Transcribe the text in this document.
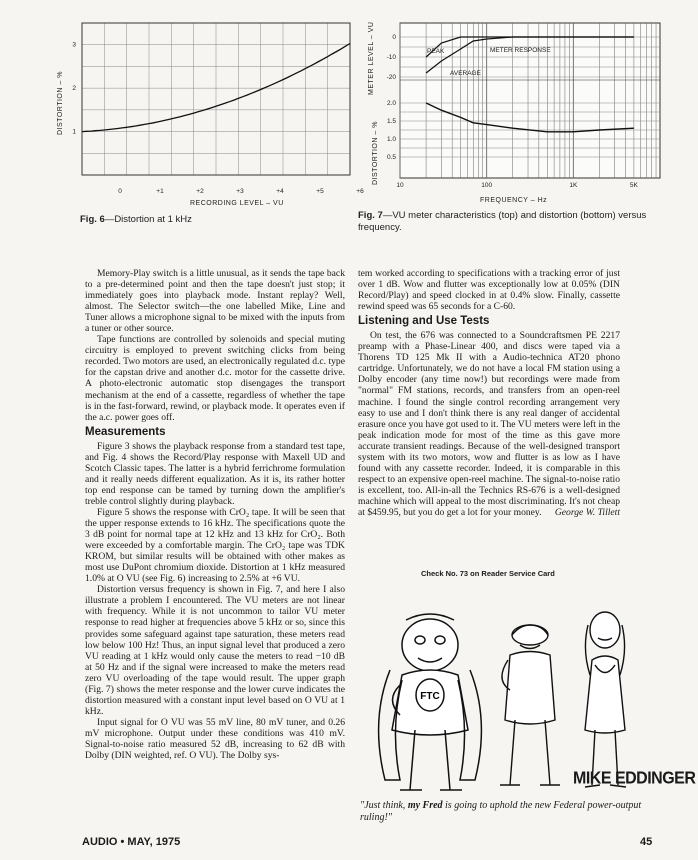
DISTORTION – %
3
2
1
0	+1	+2	+3	+4	+5	+6
RECORDING LEVEL – VU
Fig. 6—Distortion at 1 kHz
PEAK	METER RESPONSE
AVERAGE
METER LEVEL – VU
DISTORTION – %
0
-10
-20
2.0
1.5
1.0
0.5
10	100	1K	5K
FREQUENCY – Hz
Fig. 7—VU meter characteristics (top) and distortion (bottom) versus frequency.

Memory-Play switch is a little unusual, as it sends the tape back to a pre-determined point and then the tape doesn't just stop; it immediately goes into playback mode. Instant replay? Well, almost. The Selector switch—the one labelled Mike, Line and Tuner allows a microphone signal to be mixed with the inputs from a tuner or other source.

Tape functions are controlled by solenoids and special muting circuitry is employed to prevent switching clicks from being recorded. Two motors are used, an electronically regulated d.c. type for the capstan drive and another d.c. motor for the cassette drive. A photo-electronic automatic stop disengages the transport mechanism at the end of a cassette, regardless of whether the tape is in the fast-forward, rewind, or playback mode. It operates even if the a.c. power goes off.

Measurements

Figure 3 shows the playback response from a standard test tape, and Fig. 4 shows the Record/Play response with Maxell UD and Scotch Classic tapes. The latter is a hybrid ferrichrome formulation and it really needs different equalization. As it is, its rather hotter top end response can be tamed by turning down the amplifier's treble control slightly during playback.

Figure 5 shows the response with CrO₂ tape. It will be seen that the upper response extends to 16 kHz. The specifications quote the 3 dB point for normal tape at 12 kHz and 13 kHz for CrO₂. Both were exceeded by a comfortable margin. The CrO₂ tape was TDK KROM, but similar results will be obtained with other makes as most use DuPont chromium dioxide. Distortion at 1 kHz measured 1.0% at O VU (see Fig. 6) increasing to 2.5% at +6 VU.

Distortion versus frequency is shown in Fig. 7, and here I also illustrate a problem I encountered. The VU meters are not linear with frequency. While it is not uncommon to tailor VU meter response to read higher at frequencies above 5 kHz or so, since this provides some safeguard against tape saturation, these meters read low below 100 Hz! Thus, an input signal level that produced a zero VU reading at 1 kHz would only cause the meters to read −10 dB at 50 Hz and if the signal were increased to make the meters read zero VU overloading of the tape would result. The upper graph (Fig. 7) shows the meter response and the lower curve indicates the distortion measured with a constant input level based on O VU at 1 kHz.

Input signal for O VU was 55 mV line, 80 mV tuner, and 0.26 mV microphone. Output under these conditions was 410 mV. Signal-to-noise ratio measured 52 dB, increasing to 62 dB with Dolby (DIN weighted, ref. O VU). The Dolby sys-

tem worked according to specifications with a tracking error of just over 1 dB. Wow and flutter was exceptionally low at 0.05% (DIN Record/Play) and speed clocked in at 0.4% slow. Finally, cassette rewind speed was 65 seconds for a C-60.

Listening and Use Tests

On test, the 676 was connected to a Soundcraftsmen PE 2217 preamp with a Phase-Linear 400, and discs were taped via a Thorens TD 125 Mk II with a Audio-technica AT20 phono cartridge. Unfortunately, we do not have a local FM station using a Dolby encoder (any time now!) but recordings were made from "normal" FM stations, records, and transfers from an open-reel machine. I found the single control recording arrangement very easy to use and I don't think there is any real danger of accidental erasure once you have got used to it. The VU meters were left in the peak indication mode for most of the time as this gave more accurate transient readings. Because of the well-designed transport system with its two motors, wow and flutter is as low as I have found with any cassette recorder. Indeed, it is comparable in this respect to an expensive open-reel machine. The signal-to-noise ratio is excellent, too. All-in-all the Technics RS-676 is a well-designed machine which will appeal to the most discriminating. It's not cheap at $459.95, but you do get a lot for your money.	George W. Tillett

Check No. 73 on Reader Service Card
FTC
MIKE EDDINGER
"Just think, my Fred is going to uphold the new Federal power-output ruling!"
AUDIO • MAY, 1975	45
